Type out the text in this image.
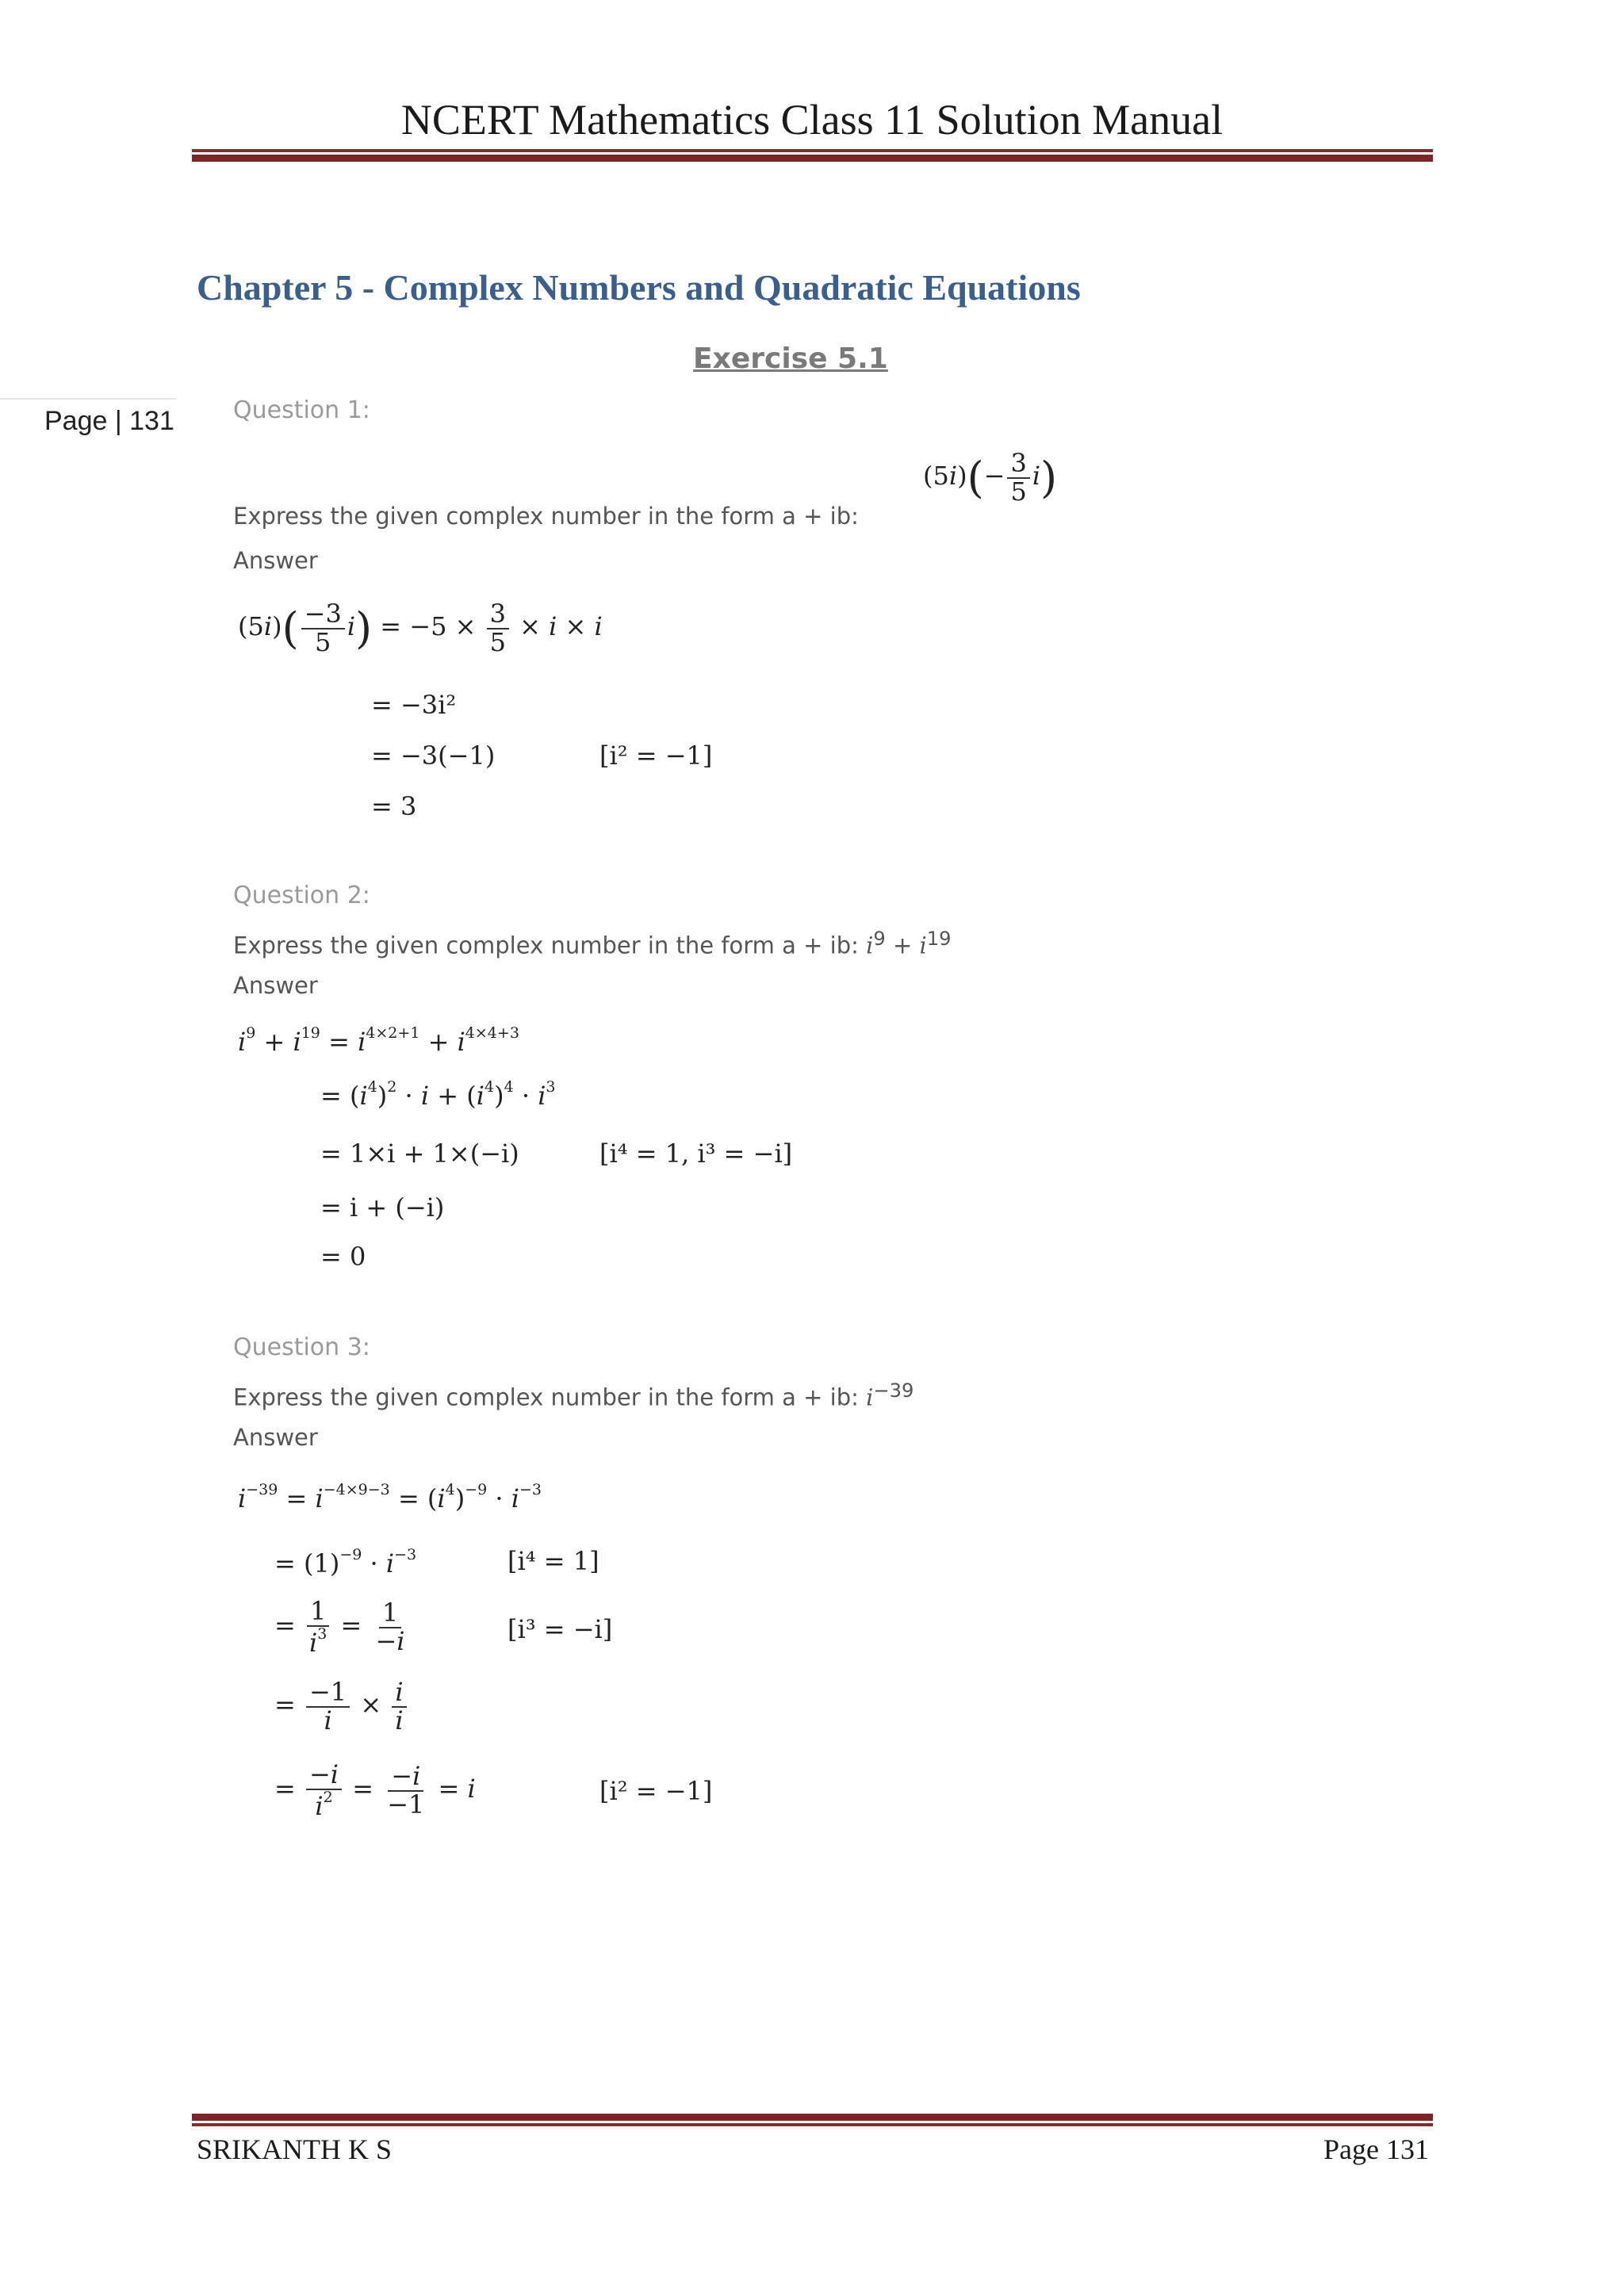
NCERT Mathematics Class 11 Solution Manual
Chapter 5 - Complex Numbers and Quadratic Equations
Exercise 5.1
Page | 131 Question 1:
Express the given complex number in the form a + ib:
$(5i)(- \frac{3}{5} i)$
Answer
$(5i)( \frac{-3}{5} i) = -5 \times \frac{3}{5} \times i \times i$
= −3i²
= −3(−1)	[i² = −1]
= 3
Question 2:
Express the given complex number in the form a + ib: $i^9 + i^{19}$
Answer
$i^9 + i^{19} = i^{4\times 2+1} + i^{4\times 4+3}$
= $(i^4)^2 \cdot i + (i^4)^4 \cdot i^3$
= 1×i + 1×(−i)	[i⁴ = 1, i³ = −i]
= i + (−i)
= 0
Question 3:
Express the given complex number in the form a + ib: $i^{-39}$
Answer
$i^{-39} = i^{-4\times 9-3} = (i^4)^{-9} \cdot i^{-3}$
= $(1)^{-9} \cdot i^{-3}$	[i⁴ = 1]
= $\frac{1}{i^3} = \frac{1}{-i}$	[i³ = −i]
= $\frac{-1}{i} \times \frac{i}{i}$
= $\frac{-i}{i^2} = \frac{-i}{-1} = i$	[i² = −1]
SRIKANTH K S	Page 131
